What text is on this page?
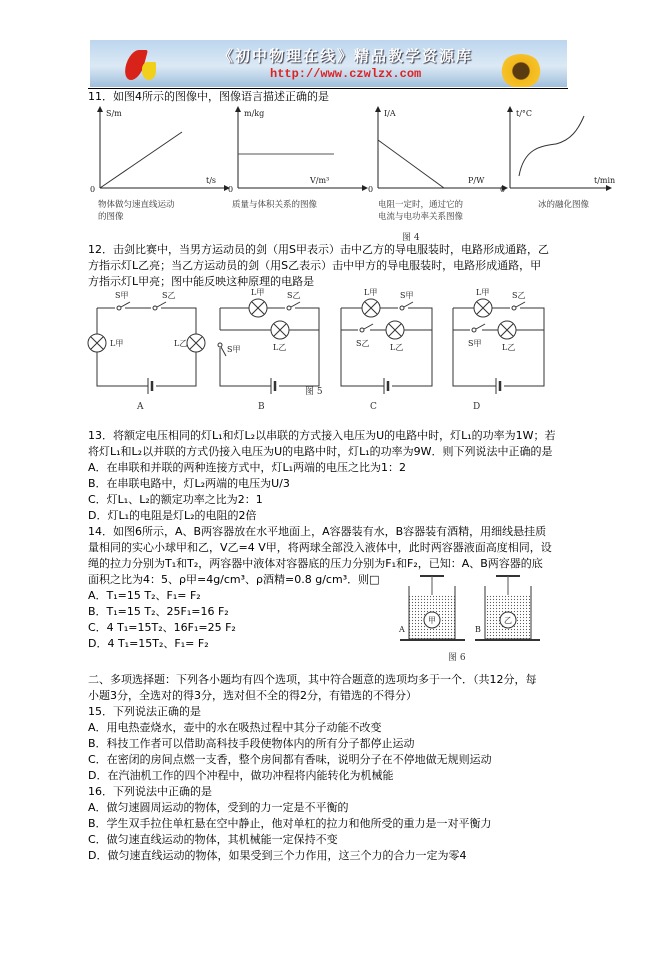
《初中物理在线》精品教学资源库
http://www.czwlzx.com
11．如图4所示的图像中，图像语言描述正确的是
S/m
t/s
0
m/kg
V/m³
0
I/A
P/W
0
t/°C
t/min
0
物体做匀速直线运动
的图像
质量与体积关系的图像	电阻一定时，通过它的
电流与电功率关系图像
冰的融化图像
图 4
12．击剑比赛中，当男方运动员的剑（用S甲表示）击中乙方的导电服装时，电路形成通路，乙
方指示灯L乙亮；当乙方运动员的剑（用S乙表示）击中甲方的导电服装时，电路形成通路，甲
方指示灯L甲亮；图中能反映这种原理的电路是
S甲	S乙
L甲	L乙
L甲	S乙
L乙
S甲
L甲	S甲
S乙	L乙
L甲	S乙
S甲	L乙
图 5
A	B	C	D
13．将额定电压相同的灯L₁和灯L₂以串联的方式接入电压为U的电路中时，灯L₁的功率为1W；若
将灯L₁和L₂以并联的方式仍接入电压为U的电路中时，灯L₁的功率为9W．则下列说法中正确的是
A．在串联和并联的两种连接方式中，灯L₁两端的电压之比为1：2
B．在串联电路中，灯L₂两端的电压为U/3
C．灯L₁、L₂的额定功率之比为2：1
D．灯L₁的电阻是灯L₂的电阻的2倍
14．如图6所示，A、B两容器放在水平地面上，A容器装有水，B容器装有酒精，用细线悬挂质
量相同的实心小球甲和乙，V乙=4 V甲，将两球全部没入液体中，此时两容器液面高度相同，设
绳的拉力分别为T₁和T₂，两容器中液体对容器底的压力分别为F₁和F₂，已知：A、B两容器的底
面积之比为4：5、ρ甲=4g/cm³、ρ酒精=0.8 g/cm³．则□
A．T₁=15 T₂、F₁= F₂
B．T₁=15 T₂、25F₁=16 F₂
C．4 T₁=15T₂、16F₁=25 F₂
D．4 T₁=15T₂、F₁= F₂
甲	乙
A	B
图 6
二、多项选择题：下列各小题均有四个选项，其中符合题意的选项均多于一个．（共12分，每
小题3分，全选对的得3分，选对但不全的得2分，有错选的不得分）
15．下列说法正确的是
A．用电热壶烧水，壶中的水在吸热过程中其分子动能不改变
B．科技工作者可以借助高科技手段使物体内的所有分子都停止运动
C．在密闭的房间点燃一支香，整个房间都有香味，说明分子在不停地做无规则运动
D．在汽油机工作的四个冲程中，做功冲程将内能转化为机械能
16．下列说法中正确的是
A．做匀速圆周运动的物体，受到的力一定是不平衡的
B．学生双手拉住单杠悬在空中静止，他对单杠的拉力和他所受的重力是一对平衡力
C．做匀速直线运动的物体，其机械能一定保持不变
D．做匀速直线运动的物体，如果受到三个力作用，这三个力的合力一定为零4
